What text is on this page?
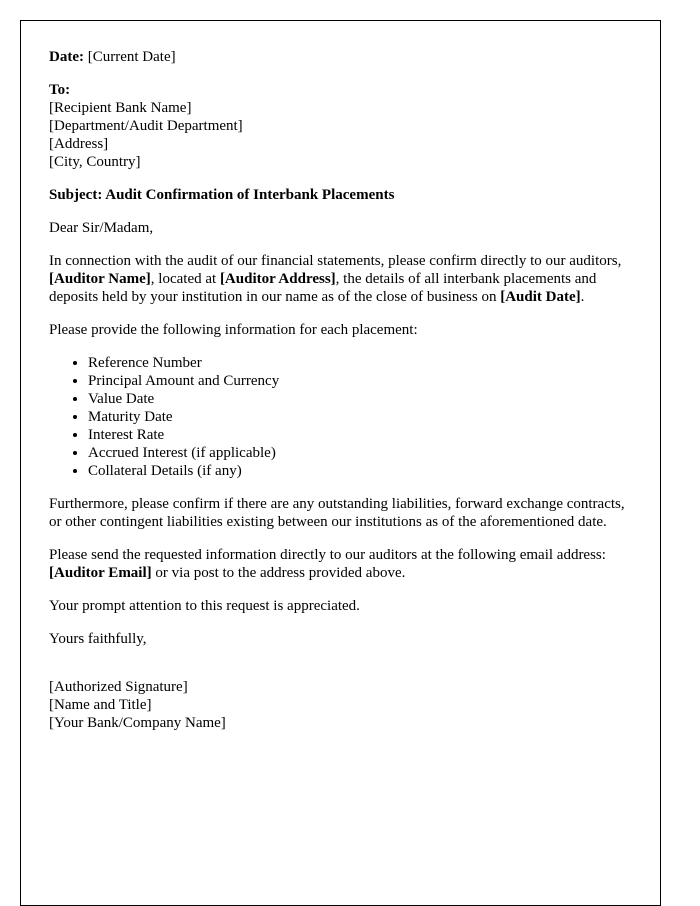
Date: [Current Date]

To:
[Recipient Bank Name]
[Department/Audit Department]
[Address]
[City, Country]

Subject: Audit Confirmation of Interbank Placements

Dear Sir/Madam,

In connection with the audit of our financial statements, please confirm directly to our auditors, [Auditor Name], located at [Auditor Address], the details of all interbank placements and deposits held by your institution in our name as of the close of business on [Audit Date].

Please provide the following information for each placement:

• Reference Number
• Principal Amount and Currency
• Value Date
• Maturity Date
• Interest Rate
• Accrued Interest (if applicable)
• Collateral Details (if any)

Furthermore, please confirm if there are any outstanding liabilities, forward exchange contracts, or other contingent liabilities existing between our institutions as of the aforementioned date.

Please send the requested information directly to our auditors at the following email address: [Auditor Email] or via post to the address provided above.

Your prompt attention to this request is appreciated.

Yours faithfully,

[Authorized Signature]
[Name and Title]
[Your Bank/Company Name]
